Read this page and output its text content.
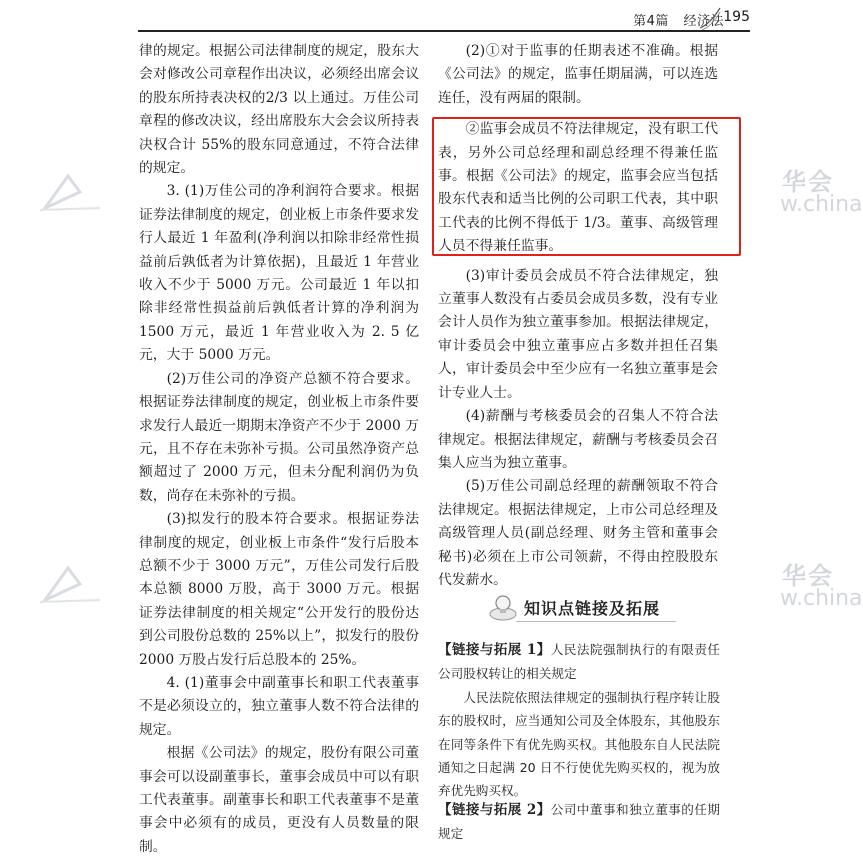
第4篇 经济法 195
华会
w.china
华会
w.china

律的规定。根据公司法律制度的规定，股东大会对修改公司章程作出决议，必须经出席会议的股东所持表决权的2/3 以上通过。万佳公司章程的修改决议，经出席股东大会会议所持表决权合计 55%的股东同意通过，不符合法律的规定。

3. (1)万佳公司的净利润符合要求。根据证券法律制度的规定，创业板上市条件要求发行人最近 1 年盈利(净利润以扣除非经常性损益前后孰低者为计算依据)，且最近 1 年营业收入不少于 5000 万元。公司最近 1 年以扣除非经常性损益前后孰低者计算的净利润为1500 万元，最近 1 年营业收入为 2. 5 亿元，大于 5000 万元。

(2)万佳公司的净资产总额不符合要求。根据证券法律制度的规定，创业板上市条件要求发行人最近一期期末净资产不少于 2000 万元，且不存在未弥补亏损。公司虽然净资产总额超过了 2000 万元，但未分配利润仍为负数，尚存在未弥补的亏损。

(3)拟发行的股本符合要求。根据证券法律制度的规定，创业板上市条件“发行后股本总额不少于 3000 万元”，万佳公司发行后股本总额 8000 万股，高于 3000 万元。根据证券法律制度的相关规定“公开发行的股份达到公司股份总数的 25%以上”，拟发行的股份 2000 万股占发行后总股本的 25%。

4. (1)董事会中副董事长和职工代表董事不是必须设立的，独立董事人数不符合法律的规定。

根据《公司法》的规定，股份有限公司董事会可以设副董事长，董事会成员中可以有职工代表董事。副董事长和职工代表董事不是董事会中必须有的成员，更没有人员数量的限制。

(2)①对于监事的任期表述不准确。根据《公司法》的规定，监事任期届满，可以连选连任，没有两届的限制。

②监事会成员不符法律规定，没有职工代表，另外公司总经理和副总经理不得兼任监事。根据《公司法》的规定，监事会应当包括股东代表和适当比例的公司职工代表，其中职工代表的比例不得低于 1/3。董事、高级管理人员不得兼任监事。

(3)审计委员会成员不符合法律规定，独立董事人数没有占委员会成员多数，没有专业会计人员作为独立董事参加。根据法律规定，审计委员会中独立董事应占多数并担任召集人，审计委员会中至少应有一名独立董事是会计专业人士。

(4)薪酬与考核委员会的召集人不符合法律规定。根据法律规定，薪酬与考核委员会召集人应当为独立董事。

(5)万佳公司副总经理的薪酬领取不符合法律规定。根据法律规定，上市公司总经理及高级管理人员(副总经理、财务主管和董事会秘书)必须在上市公司领薪，不得由控股股东代发薪水。

知识点链接及拓展

【链接与拓展 1】人民法院强制执行的有限责任公司股权转让的相关规定

人民法院依照法律规定的强制执行程序转让股东的股权时，应当通知公司及全体股东，其他股东在同等条件下有优先购买权。其他股东自人民法院通知之日起满 20 日不行使优先购买权的，视为放弃优先购买权。

【链接与拓展 2】公司中董事和独立董事的任期规定
